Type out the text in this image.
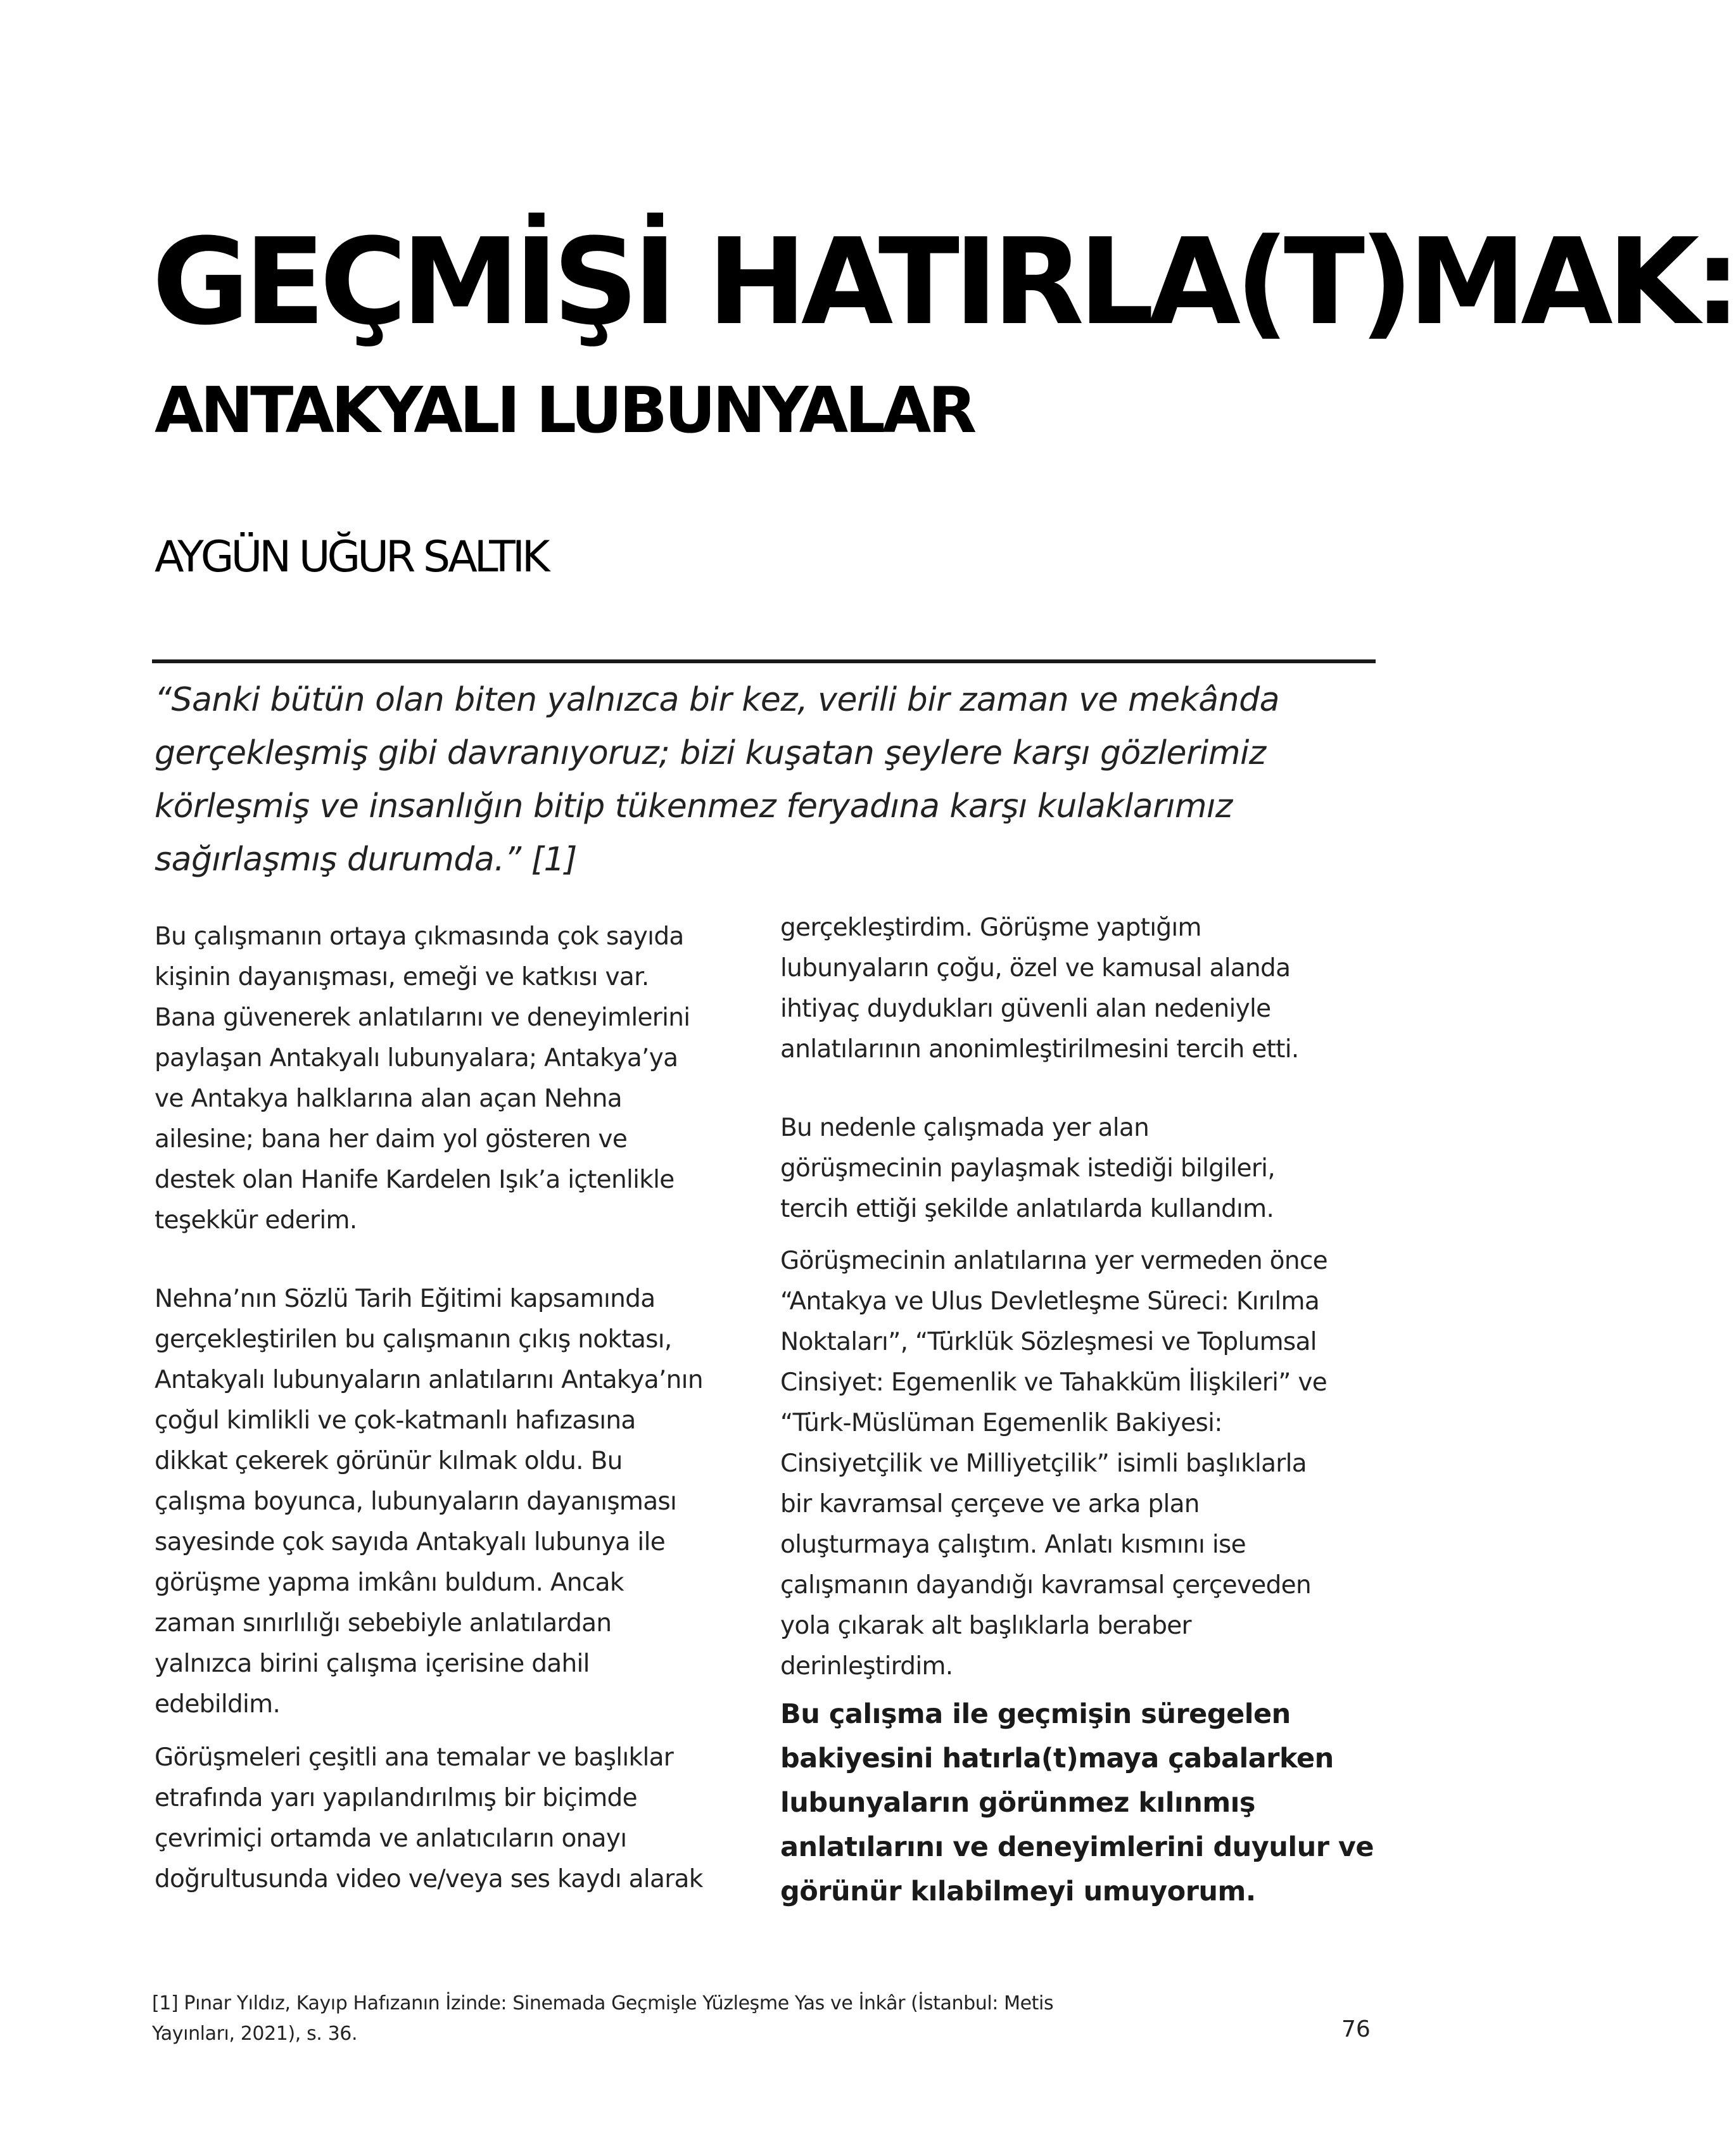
GEÇMİŞİ HATIRLA(T)MAK:
ANTAKYALI LUBUNYALAR
AYGÜN UĞUR SALTIK
“Sanki bütün olan biten yalnızca bir kez, verili bir zaman ve mekânda
gerçekleşmiş gibi davranıyoruz; bizi kuşatan şeylere karşı gözlerimiz
körleşmiş ve insanlığın bitip tükenmez feryadına karşı kulaklarımız
sağırlaşmış durumda.” [1]

Bu çalışmanın ortaya çıkmasında çok sayıda
kişinin dayanışması, emeği ve katkısı var.
Bana güvenerek anlatılarını ve deneyimlerini
paylaşan Antakyalı lubunyalara; Antakya’ya
ve Antakya halklarına alan açan Nehna
ailesine; bana her daim yol gösteren ve
destek olan Hanife Kardelen Işık’a içtenlikle
teşekkür ederim.

Nehna’nın Sözlü Tarih Eğitimi kapsamında
gerçekleştirilen bu çalışmanın çıkış noktası,
Antakyalı lubunyaların anlatılarını Antakya’nın
çoğul kimlikli ve çok-katmanlı hafızasına
dikkat çekerek görünür kılmak oldu. Bu
çalışma boyunca, lubunyaların dayanışması
sayesinde çok sayıda Antakyalı lubunya ile
görüşme yapma imkânı buldum. Ancak
zaman sınırlılığı sebebiyle anlatılardan
yalnızca birini çalışma içerisine dahil
edebildim.

Görüşmeleri çeşitli ana temalar ve başlıklar
etrafında yarı yapılandırılmış bir biçimde
çevrimiçi ortamda ve anlatıcıların onayı
doğrultusunda video ve/veya ses kaydı alarak

gerçekleştirdim. Görüşme yaptığım
lubunyaların çoğu, özel ve kamusal alanda
ihtiyaç duydukları güvenli alan nedeniyle
anlatılarının anonimleştirilmesini tercih etti.

Bu nedenle çalışmada yer alan
görüşmecinin paylaşmak istediği bilgileri,
tercih ettiği şekilde anlatılarda kullandım.

Görüşmecinin anlatılarına yer vermeden önce
“Antakya ve Ulus Devletleşme Süreci: Kırılma
Noktaları”, “Türklük Sözleşmesi ve Toplumsal
Cinsiyet: Egemenlik ve Tahakküm İlişkileri” ve
“Türk-Müslüman Egemenlik Bakiyesi:
Cinsiyetçilik ve Milliyetçilik” isimli başlıklarla
bir kavramsal çerçeve ve arka plan
oluşturmaya çalıştım. Anlatı kısmını ise
çalışmanın dayandığı kavramsal çerçeveden
yola çıkarak alt başlıklarla beraber
derinleştirdim.

Bu çalışma ile geçmişin süregelen
bakiyesini hatırla(t)maya çabalarken
lubunyaların görünmez kılınmış
anlatılarını ve deneyimlerini duyulur ve
görünür kılabilmeyi umuyorum.

[1] Pınar Yıldız, Kayıp Hafızanın İzinde: Sinemada Geçmişle Yüzleşme Yas ve İnkâr (İstanbul: Metis
Yayınları, 2021), s. 36.	76
